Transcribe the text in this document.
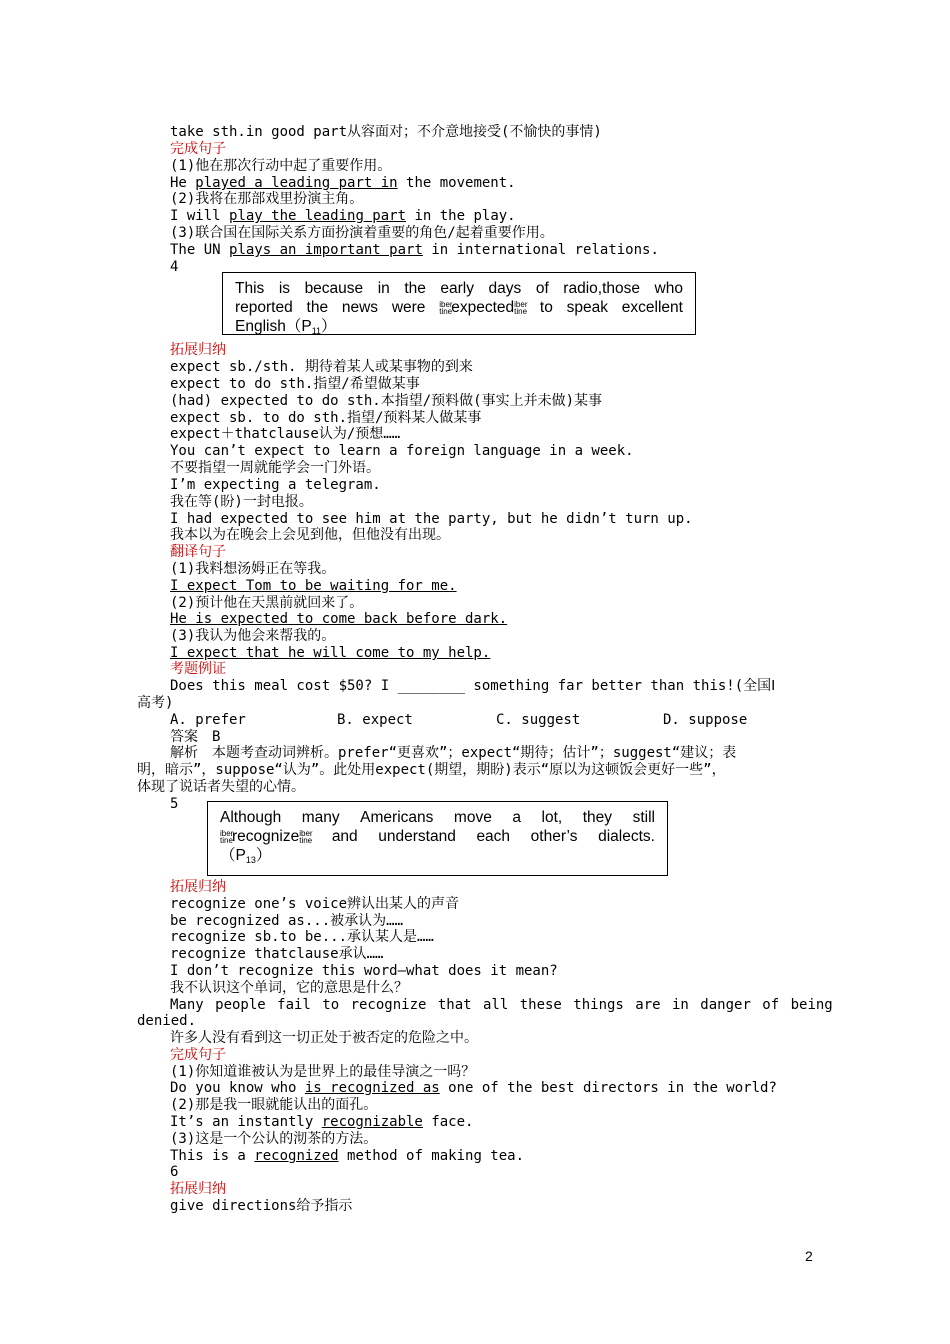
take sth.in good part从容面对；不介意地接受(不愉快的事情)
完成句子
(1)他在那次行动中起了重要作用。
He played a leading part in the movement.
(2)我将在那部戏里扮演主角。
I will play the leading part in the play.
(3)联合国在国际关系方面扮演着重要的角色/起着重要作用。
The UN plays an important part in international relations.
4
This is because in the early days of radio,those who
reported the news were iber
tineexpectediber
tine to speak excellent
$English(P_{11})$
拓展归纳
expect sb./sth. 期待着某人或某事物的到来
expect to do sth.指望/希望做某事
(had) expected to do sth.本指望/预料做(事实上并未做)某事
expect sb. to do sth.指望/预料某人做某事
expect＋thatclause认为/预想……
You can’t expect to learn a foreign language in a week.
不要指望一周就能学会一门外语。
I’m expecting a telegram.
我在等(盼)一封电报。
I had expected to see him at the party, but he didn’t turn up.
我本以为在晚会上会见到他，但他没有出现。
翻译句子
(1)我料想汤姆正在等我。
I expect Tom to be waiting for me.
(2)预计他在天黑前就回来了。
He is expected to come back before dark.
(3)我认为他会来帮我的。
I expect that he will come to my help.
考题例证
Does this meal cost $50? I ________ something far better than this!(全国Ⅰ
高考)
A. prefer	B. expect	C. suggest	D. suppose
答案　B
解析　本题考查动词辨析。prefer“更喜欢”；expect“期待；估计”；suggest“建议；表
明，暗示”，suppose“认为”。此处用expect(期望，期盼)表示“原以为这顿饭会更好一些”，
体现了说话者失望的心情。
5
Although many Americans move a lot, they still
iber
tinerecognizeiber
tine and understand each other’s dialects.
$(P_{13})$
拓展归纳
recognize one’s voice辨认出某人的声音
be recognized as...被承认为……
recognize sb.to be...承认某人是……
recognize thatclause承认……
I don’t recognize this word—what does it mean?
我不认识这个单词，它的意思是什么？
Many people fail to recognize that all these things are in danger of being
denied.
许多人没有看到这一切正处于被否定的危险之中。
完成句子
(1)你知道谁被认为是世界上的最佳导演之一吗？
Do you know who is recognized as one of the best directors in the world?
(2)那是我一眼就能认出的面孔。
It’s an instantly recognizable face.
(3)这是一个公认的沏茶的方法。
This is a recognized method of making tea.
6
拓展归纳
give directions给予指示
2
